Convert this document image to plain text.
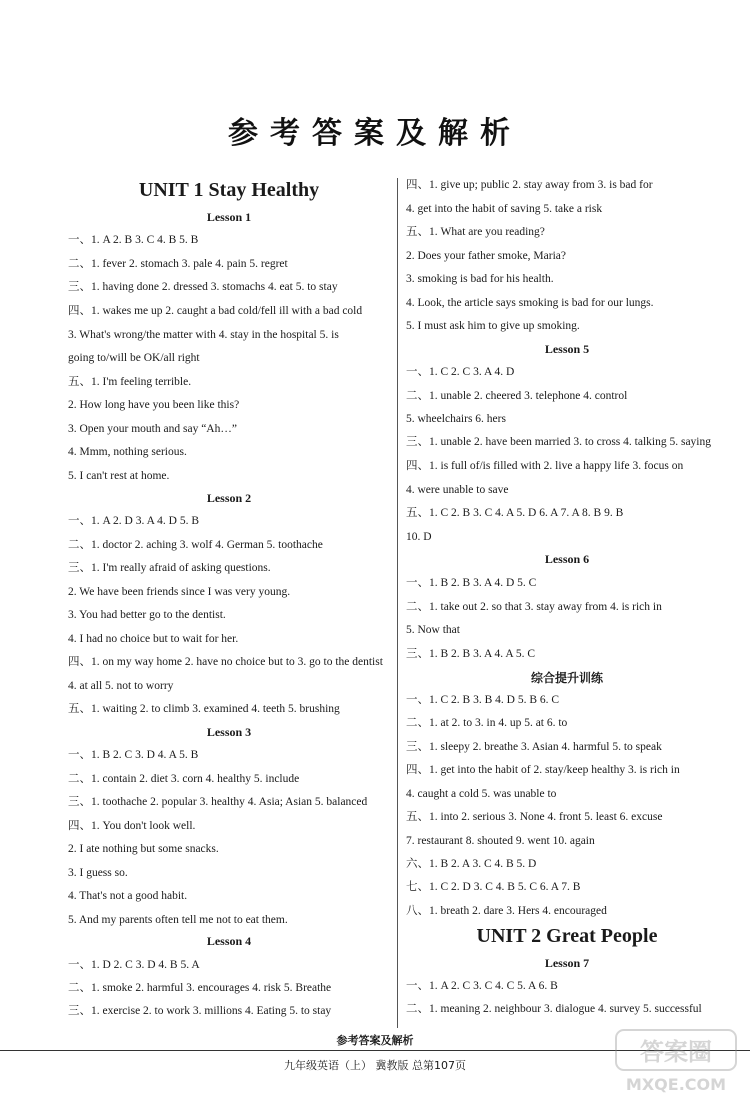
参考答案及解析
UNIT 1 Stay Healthy
Lesson 1
一、1. A 2. B 3. C 4. B 5. B
二、1. fever 2. stomach 3. pale 4. pain 5. regret
三、1. having done 2. dressed 3. stomachs 4. eat 5. to stay
四、1. wakes me up 2. caught a bad cold/fell ill with a bad cold
3. What's wrong/the matter with 4. stay in the hospital 5. is
going to/will be OK/all right
五、1. I'm feeling terrible.
2. How long have you been like this?
3. Open your mouth and say “Ah…”
4. Mmm, nothing serious.
5. I can't rest at home.
Lesson 2
一、1. A 2. D 3. A 4. D 5. B
二、1. doctor 2. aching 3. wolf 4. German 5. toothache
三、1. I'm really afraid of asking questions.
2. We have been friends since I was very young.
3. You had better go to the dentist.
4. I had no choice but to wait for her.
四、1. on my way home 2. have no choice but to 3. go to the dentist
4. at all 5. not to worry
五、1. waiting 2. to climb 3. examined 4. teeth 5. brushing
Lesson 3
一、1. B 2. C 3. D 4. A 5. B
二、1. contain 2. diet 3. corn 4. healthy 5. include
三、1. toothache 2. popular 3. healthy 4. Asia; Asian 5. balanced
四、1. You don't look well.
2. I ate nothing but some snacks.
3. I guess so.
4. That's not a good habit.
5. And my parents often tell me not to eat them.
Lesson 4
一、1. D 2. C 3. D 4. B 5. A
二、1. smoke 2. harmful 3. encourages 4. risk 5. Breathe
三、1. exercise 2. to work 3. millions 4. Eating 5. to stay
四、1. give up; public 2. stay away from 3. is bad for
4. get into the habit of saving 5. take a risk
五、1. What are you reading?
2. Does your father smoke, Maria?
3. smoking is bad for his health.
4. Look, the article says smoking is bad for our lungs.
5. I must ask him to give up smoking.
Lesson 5
一、1. C 2. C 3. A 4. D
二、1. unable 2. cheered 3. telephone 4. control
5. wheelchairs 6. hers
三、1. unable 2. have been married 3. to cross 4. talking 5. saying
四、1. is full of/is filled with 2. live a happy life 3. focus on
4. were unable to save
五、1. C 2. B 3. C 4. A 5. D 6. A 7. A 8. B 9. B
10. D
Lesson 6
一、1. B 2. B 3. A 4. D 5. C
二、1. take out 2. so that 3. stay away from 4. is rich in
5. Now that
三、1. B 2. B 3. A 4. A 5. C
综合提升训练
一、1. C 2. B 3. B 4. D 5. B 6. C
二、1. at 2. to 3. in 4. up 5. at 6. to
三、1. sleepy 2. breathe 3. Asian 4. harmful 5. to speak
四、1. get into the habit of 2. stay/keep healthy 3. is rich in
4. caught a cold 5. was unable to
五、1. into 2. serious 3. None 4. front 5. least 6. excuse
7. restaurant 8. shouted 9. went 10. again
六、1. B 2. A 3. C 4. B 5. D
七、1. C 2. D 3. C 4. B 5. C 6. A 7. B
八、1. breath 2. dare 3. Hers 4. encouraged
UNIT 2 Great People
Lesson 7
一、1. A 2. C 3. C 4. C 5. A 6. B
二、1. meaning 2. neighbour 3. dialogue 4. survey 5. successful
参考答案及解析
九年级英语（上） 冀教版 总第107页	答案圈
MXQE.COM
